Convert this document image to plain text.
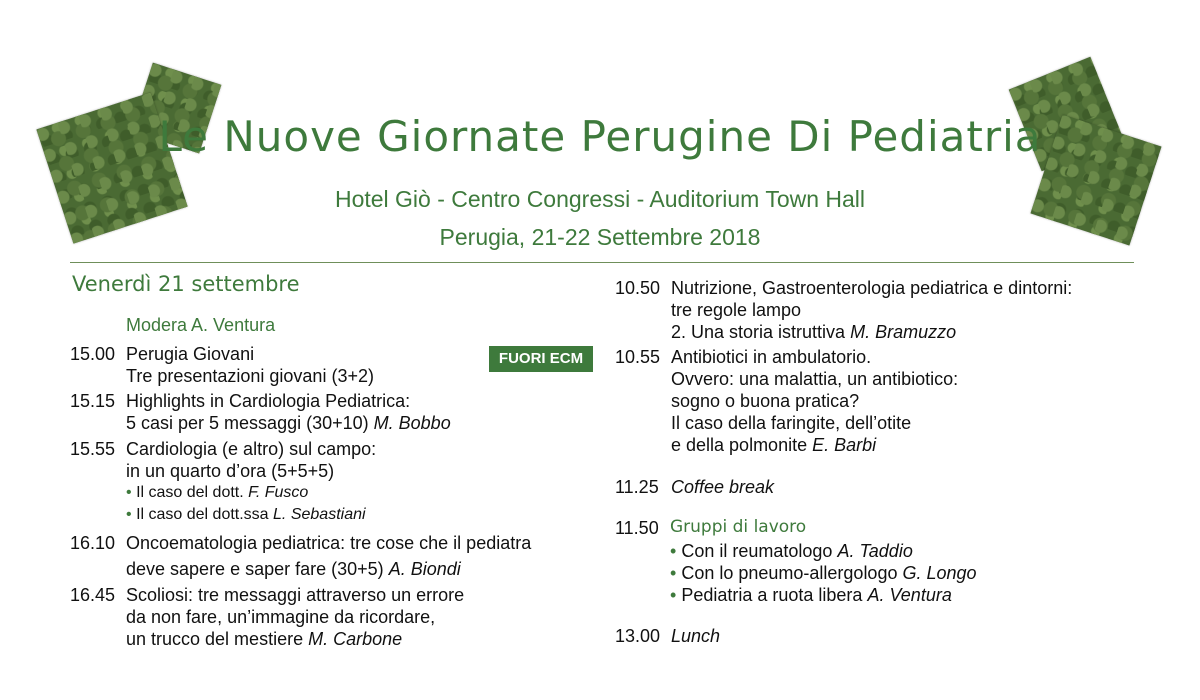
Le Nuove Giornate Perugine Di Pediatria
Hotel Giò - Centro Congressi - Auditorium Town Hall
Perugia, 21-22 Settembre 2018
Venerdì 21 settembre
Modera A. Ventura
FUORI ECM
15.00 Perugia Giovani
Tre presentazioni giovani (3+2)
15.15 Highlights in Cardiologia Pediatrica:
5 casi per 5 messaggi (30+10) M. Bobbo
15.55 Cardiologia (e altro) sul campo:
in un quarto d’ora (5+5+5)
• Il caso del dott. F. Fusco
• Il caso del dott.ssa L. Sebastiani
16.10 Oncoematologia pediatrica: tre cose che il pediatra
deve sapere e saper fare (30+5) A. Biondi
16.45 Scoliosi: tre messaggi attraverso un errore
da non fare, un’immagine da ricordare,
un trucco del mestiere M. Carbone
10.50 Nutrizione, Gastroenterologia pediatrica e dintorni:
tre regole lampo
2. Una storia istruttiva M. Bramuzzo
10.55 Antibiotici in ambulatorio.
Ovvero: una malattia, un antibiotico:
sogno o buona pratica?
Il caso della faringite, dell’otite
e della polmonite E. Barbi
11.25 Coffee break
11.50 Gruppi di lavoro
• Con il reumatologo A. Taddio
• Con lo pneumo-allergologo G. Longo
• Pediatria a ruota libera A. Ventura
13.00 Lunch
